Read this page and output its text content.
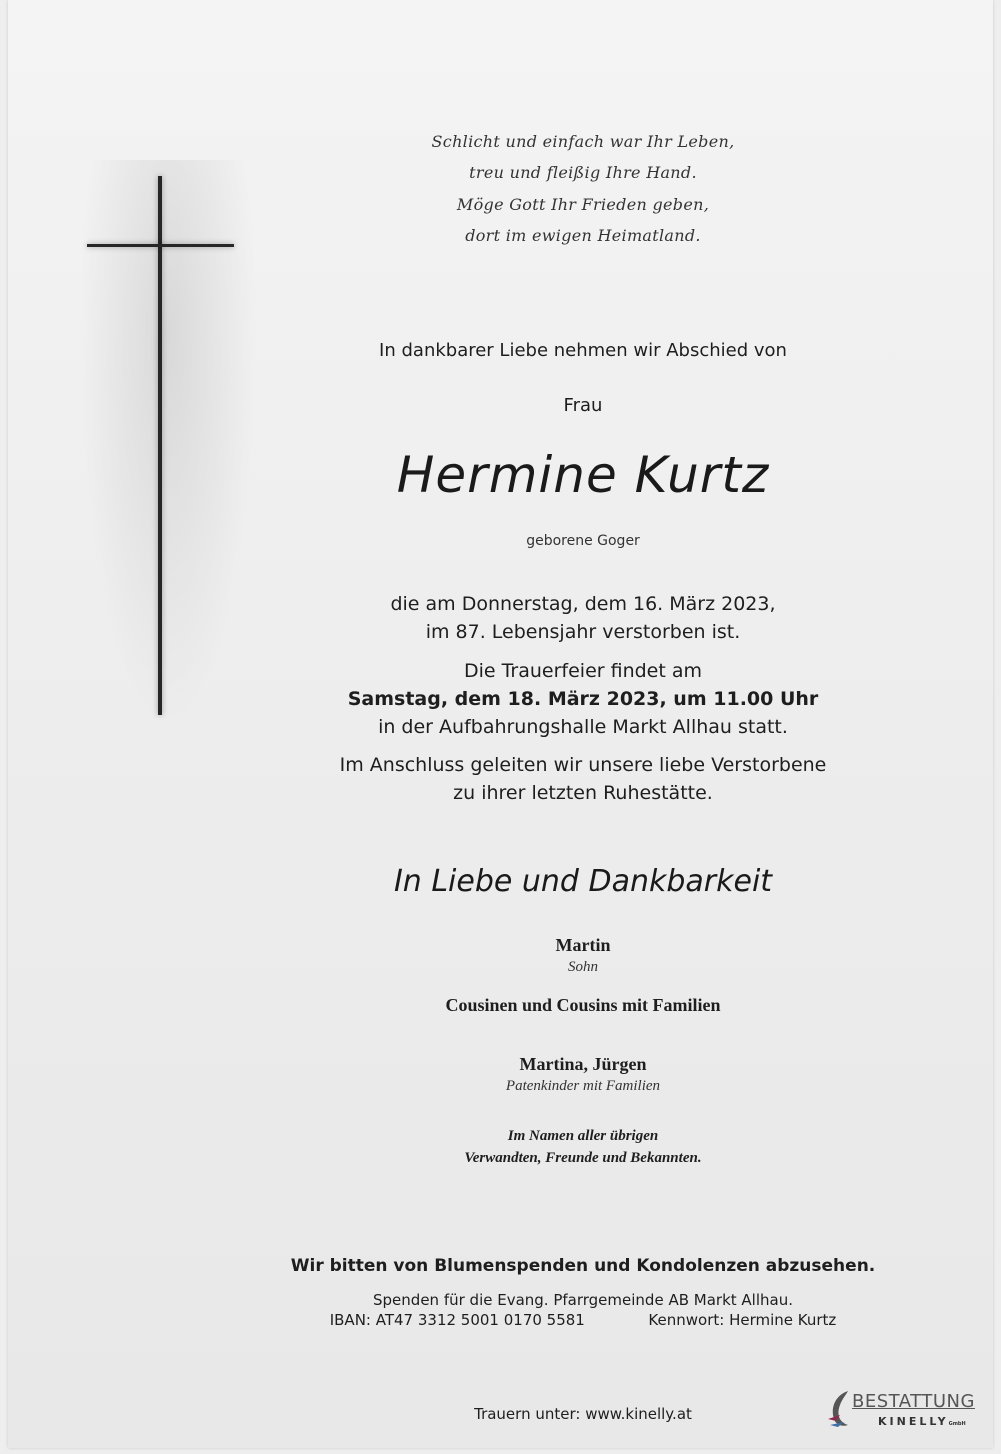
Schlicht und einfach war Ihr Leben,
treu und fleißig Ihre Hand.
Möge Gott Ihr Frieden geben,
dort im ewigen Heimatland.
In dankbarer Liebe nehmen wir Abschied von
Frau
Hermine Kurtz
geborene Goger
die am Donnerstag, dem 16. März 2023,
im 87. Lebensjahr verstorben ist.
Die Trauerfeier findet am
Samstag, dem 18. März 2023, um 11.00 Uhr
in der Aufbahrungshalle Markt Allhau statt.
Im Anschluss geleiten wir unsere liebe Verstorbene
zu ihrer letzten Ruhestätte.
In Liebe und Dankbarkeit
Martin
Sohn
Cousinen und Cousins mit Familien
Martina, Jürgen
Patenkinder mit Familien
Im Namen aller übrigen
Verwandten, Freunde und Bekannten.
Wir bitten von Blumenspenden und Kondolenzen abzusehen.
Spenden für die Evang. Pfarrgemeinde AB Markt Allhau.
IBAN: AT47 3312 5001 0170 5581	Kennwort: Hermine Kurtz
Trauern unter: www.kinelly.at
BESTATTUNG
KINELLYGmbH
